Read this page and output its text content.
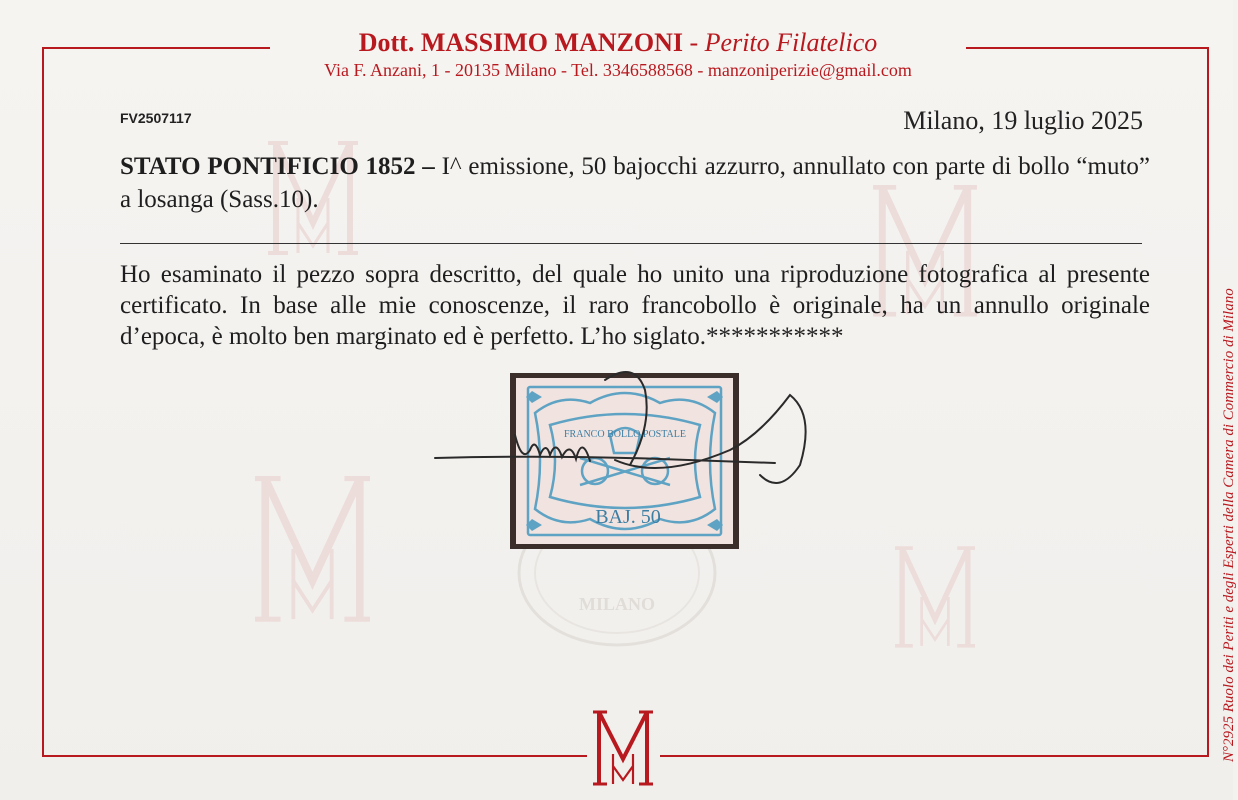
Dott. MASSIMO MANZONI - Perito Filatelico
Via F. Anzani, 1 - 20135 Milano - Tel. 3346588568 - manzoniperizie@gmail.com
FV2507117	Milano, 19 luglio 2025
STATO PONTIFICIO 1852 – I^ emissione, 50 bajocchi azzurro, annullato con parte di bollo “muto” a losanga (Sass.10).
Ho esaminato il pezzo sopra descritto, del quale ho unito una riproduzione fotografica al presente certificato. In base alle mie conoscenze, il raro francobollo è originale, ha un annullo originale d’epoca, è molto ben marginato ed è perfetto. L’ho siglato.***********
MILANO
FRANCO BOLLO POSTALE
BAJ. 50	N°2925 Ruolo dei Periti e degli Esperti della Camera di Commercio di Milano
